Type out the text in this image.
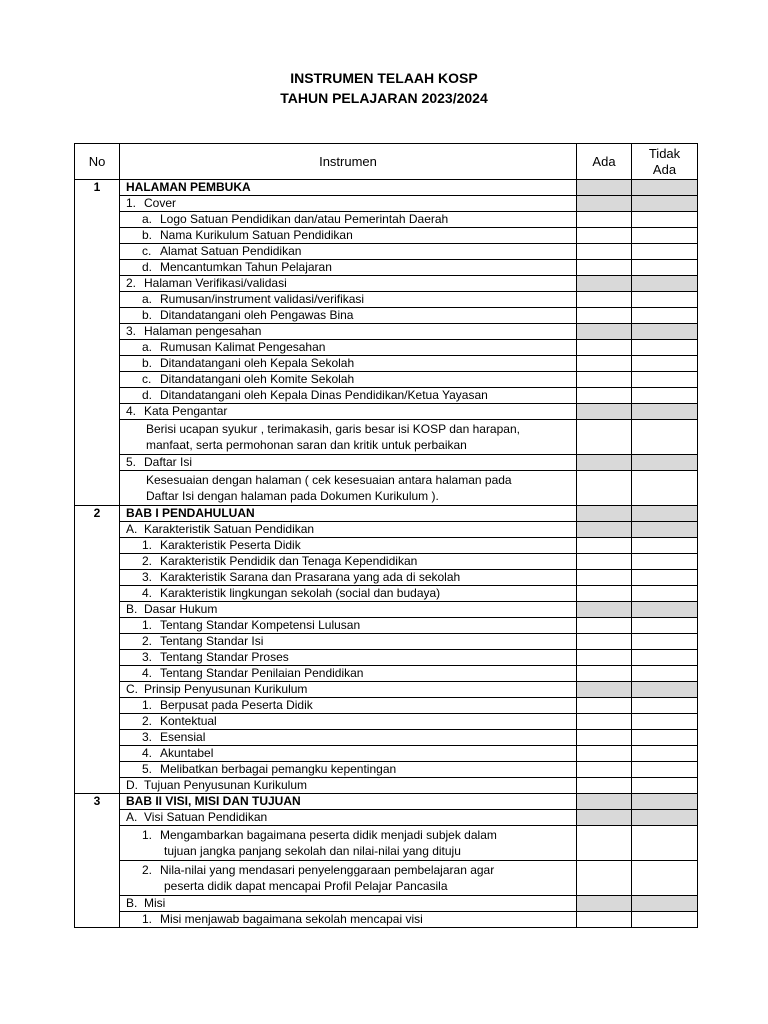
INSTRUMEN TELAAH KOSP
TAHUN PELAJARAN 2023/2024
No	Instrumen	Ada	Tidak
Ada
1	HALAMAN PEMBUKA		
	1. Cover		
	a. Logo Satuan Pendidikan dan/atau Pemerintah Daerah		
	b. Nama Kurikulum Satuan Pendidikan		
	c. Alamat Satuan Pendidikan		
	d. Mencantumkan Tahun Pelajaran		
	2. Halaman Verifikasi/validasi		
	a. Rumusan/instrument validasi/verifikasi		
	b. Ditandatangani oleh Pengawas Bina		
	3. Halaman pengesahan		
	a. Rumusan Kalimat Pengesahan		
	b. Ditandatangani oleh Kepala Sekolah		
	c. Ditandatangani oleh Komite Sekolah		
	d. Ditandatangani oleh Kepala Dinas Pendidikan/Ketua Yayasan		
	4. Kata Pengantar		
	Berisi ucapan syukur , terimakasih, garis besar isi KOSP dan harapan,
manfaat, serta permohonan saran dan kritik untuk perbaikan		

	5. Daftar Isi		
	Kesesuaian dengan halaman ( cek kesesuaian antara halaman pada
Daftar Isi dengan halaman pada Dokumen Kurikulum ).		

2	BAB I PENDAHULUAN		
	A. Karakteristik Satuan Pendidikan		
	1. Karakteristik Peserta Didik		
	2. Karakteristik Pendidik dan Tenaga Kependidikan		
	3. Karakteristik Sarana dan Prasarana yang ada di sekolah		
	4. Karakteristik lingkungan sekolah (social dan budaya)		
	B. Dasar Hukum		
	1. Tentang Standar Kompetensi Lulusan		
	2. Tentang Standar Isi		
	3. Tentang Standar Proses		
	4. Tentang Standar Penilaian Pendidikan		
	C. Prinsip Penyusunan Kurikulum		
	1. Berpusat pada Peserta Didik		
	2. Kontektual		
	3. Esensial		
	4. Akuntabel		
	5. Melibatkan berbagai pemangku kepentingan		
	D. Tujuan Penyusunan Kurikulum		
3	BAB II VISI, MISI DAN TUJUAN		
	A. Visi Satuan Pendidikan		
	1. Mengambarkan bagaimana peserta didik menjadi subjek dalam
tujuan jangka panjang sekolah dan nilai-nilai yang dituju		

	2. Nila-nilai yang mendasari penyelenggaraan pembelajaran agar
peserta didik dapat mencapai Profil Pelajar Pancasila		

	B. Misi		
	1. Misi menjawab bagaimana sekolah mencapai visi		
